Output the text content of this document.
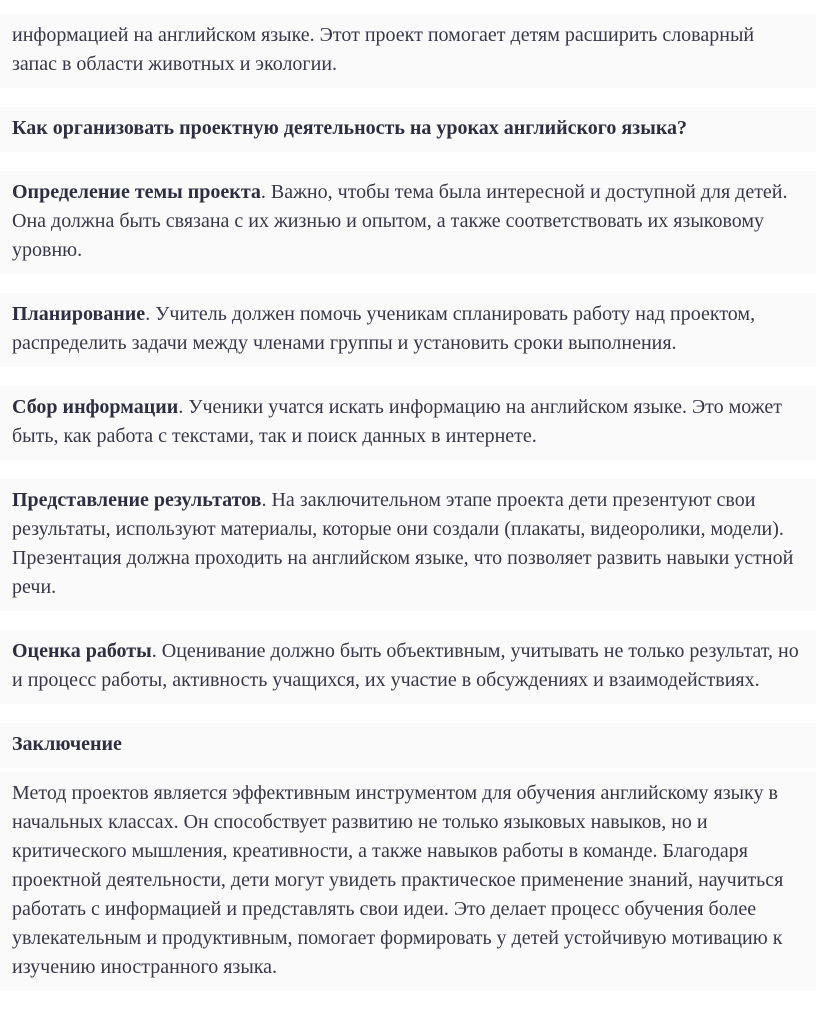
информацией на английском языке. Этот проект помогает детям расширить словарный запас в области животных и экологии.
Как организовать проектную деятельность на уроках английского языка?
Определение темы проекта. Важно, чтобы тема была интересной и доступной для детей. Она должна быть связана с их жизнью и опытом, а также соответствовать их языковому уровню.
Планирование. Учитель должен помочь ученикам спланировать работу над проектом, распределить задачи между членами группы и установить сроки выполнения.
Сбор информации. Ученики учатся искать информацию на английском языке. Это может быть, как работа с текстами, так и поиск данных в интернете.
Представление результатов. На заключительном этапе проекта дети презентуют свои результаты, используют материалы, которые они создали (плакаты, видеоролики, модели). Презентация должна проходить на английском языке, что позволяет развить навыки устной речи.
Оценка работы. Оценивание должно быть объективным, учитывать не только результат, но и процесс работы, активность учащихся, их участие в обсуждениях и взаимодействиях.
Заключение
Метод проектов является эффективным инструментом для обучения английскому языку в начальных классах. Он способствует развитию не только языковых навыков, но и критического мышления, креативности, а также навыков работы в команде. Благодаря проектной деятельности, дети могут увидеть практическое применение знаний, научиться работать с информацией и представлять свои идеи. Это делает процесс обучения более увлекательным и продуктивным, помогает формировать у детей устойчивую мотивацию к изучению иностранного языка.
